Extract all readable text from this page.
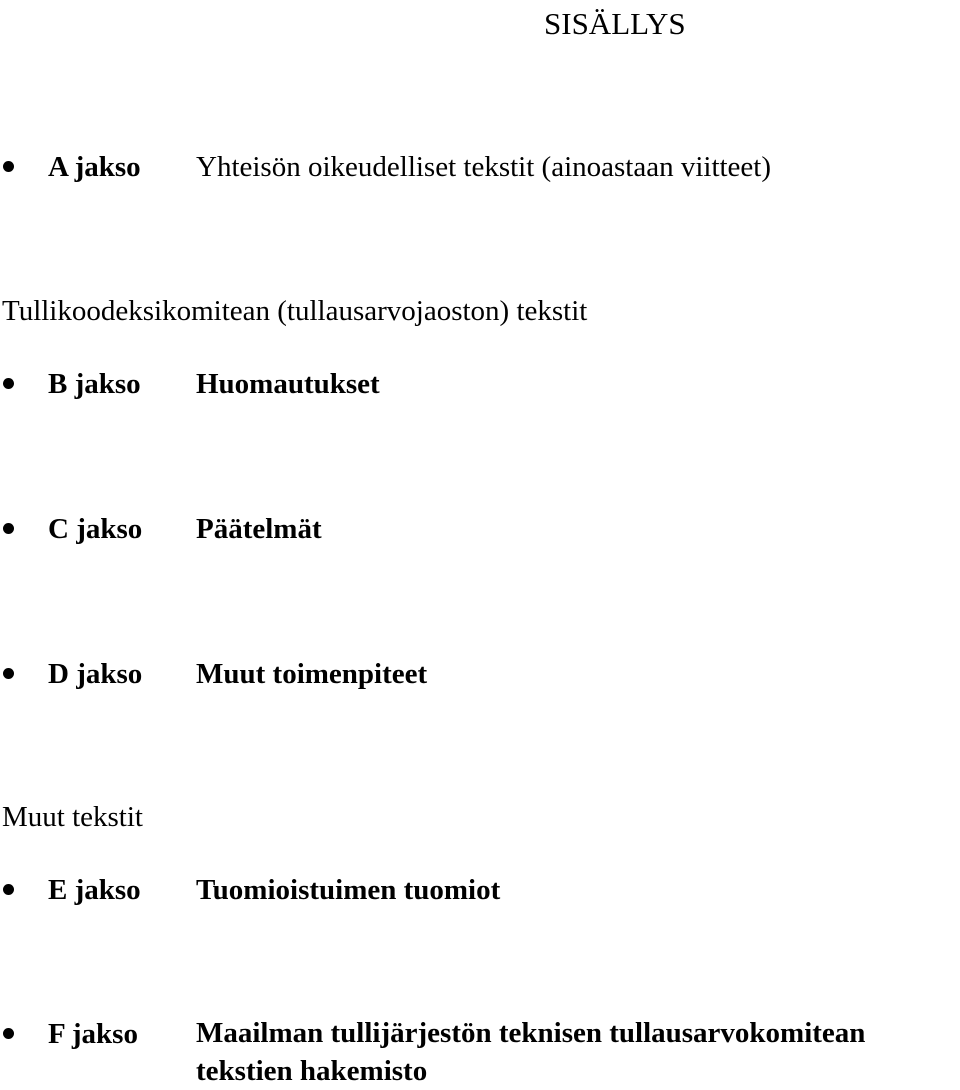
SISÄLLYS
A jakso Yhteisön oikeudelliset tekstit (ainoastaan viitteet)
Tullikoodeksikomitean (tullausarvojaoston) tekstit
B jakso Huomautukset
C jakso Päätelmät
D jakso Muut toimenpiteet
Muut tekstit
E jakso Tuomioistuimen tuomiot
F jakso Maailman tullijärjestön teknisen tullausarvokomitean tekstien hakemisto
